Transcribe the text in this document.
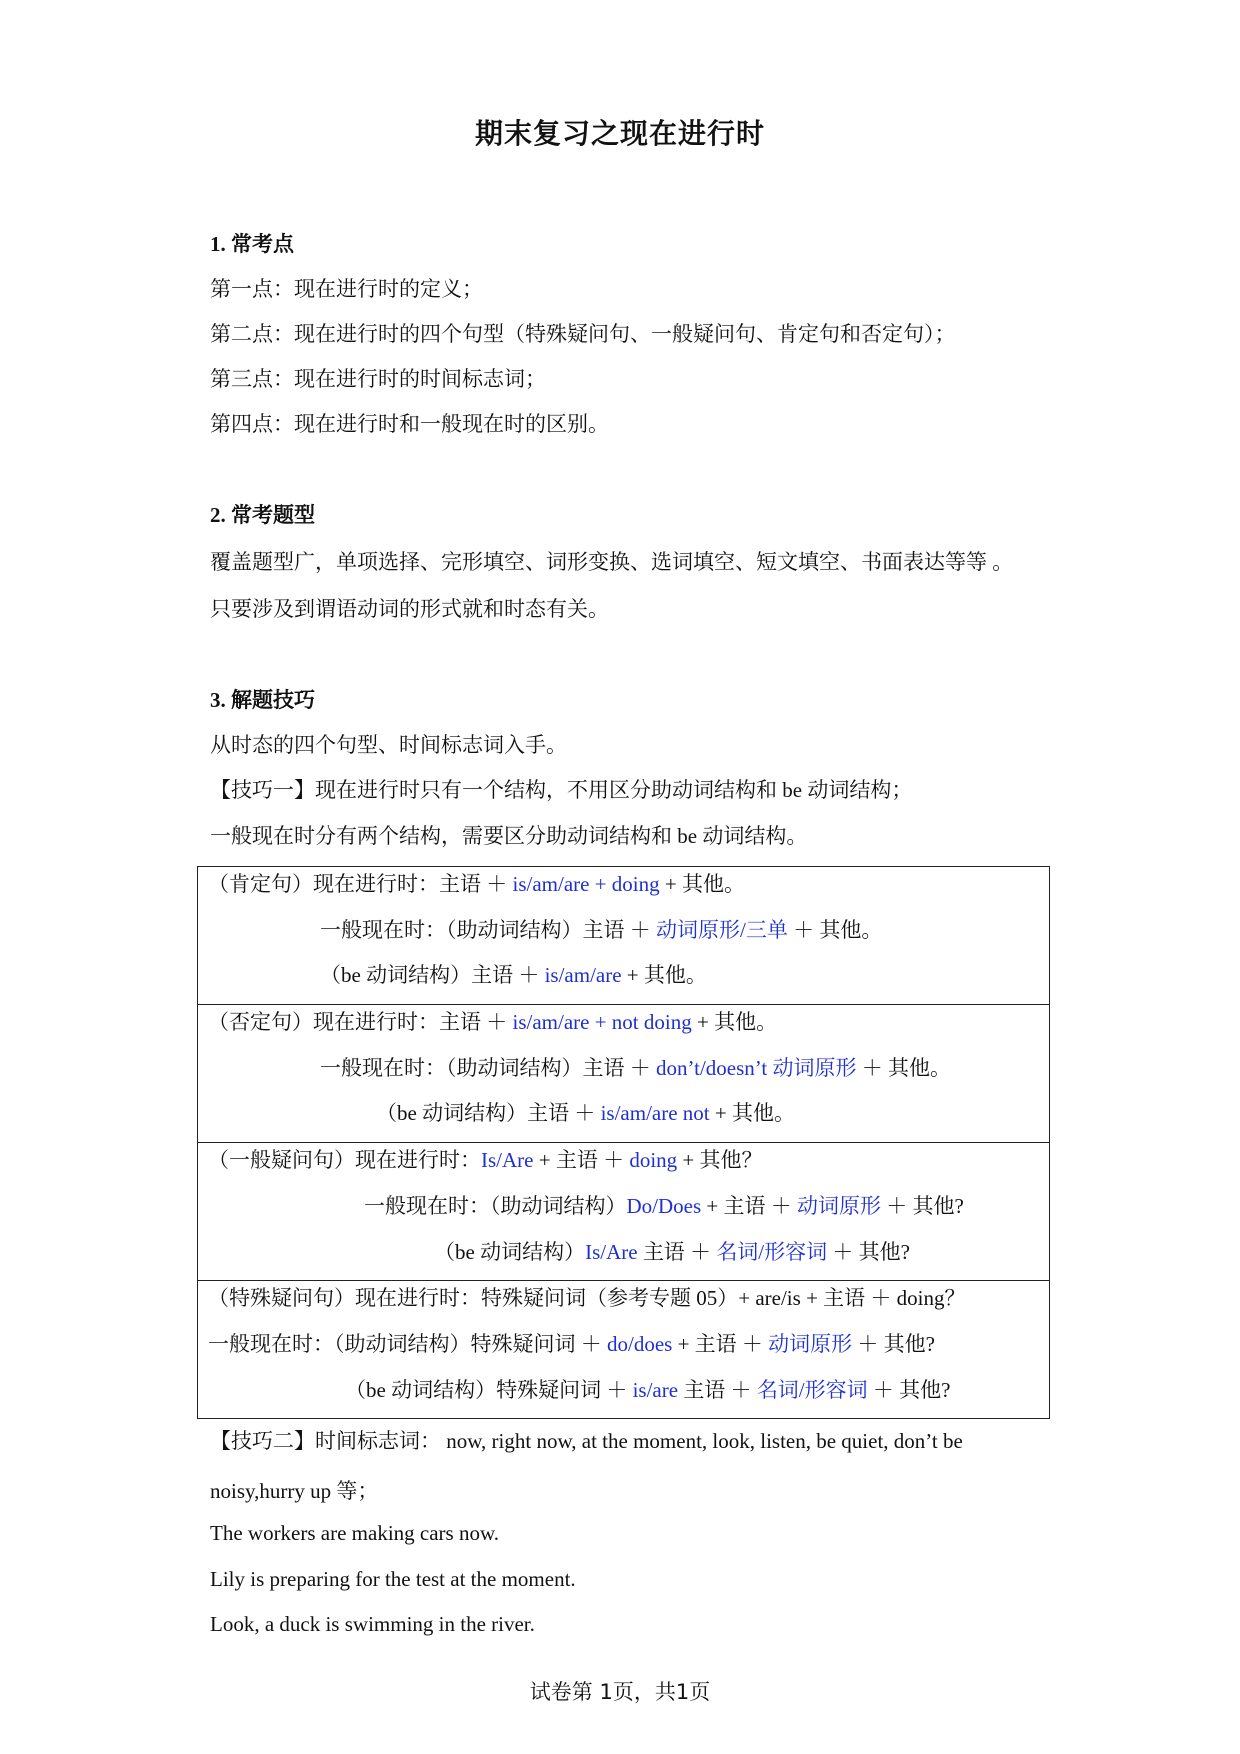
期末复习之现在进行时

1. 常考点

第一点：现在进行时的定义；

第二点：现在进行时的四个句型（特殊疑问句、一般疑问句、肯定句和否定句）；

第三点：现在进行时的时间标志词；

第四点：现在进行时和一般现在时的区别。

2. 常考题型

覆盖题型广，单项选择、完形填空、词形变换、选词填空、短文填空、书面表达等等 。

只要涉及到谓语动词的形式就和时态有关。

3. 解题技巧

从时态的四个句型、时间标志词入手。

【技巧一】现在进行时只有一个结构，不用区分助动词结构和 be 动词结构；

一般现在时分有两个结构，需要区分助动词结构和 be 动词结构。

（肯定句）现在进行时：主语 ＋ is/am/are + doing + 其他。
一般现在时：（助动词结构）主语 ＋ 动词原形/三单 ＋ 其他。
（be 动词结构）主语 ＋ is/am/are + 其他。

（否定句）现在进行时：主语 ＋ is/am/are + not doing + 其他。
一般现在时：（助动词结构）主语 ＋ don’t/doesn’t 动词原形 ＋ 其他。
（be 动词结构）主语 ＋ is/am/are not + 其他。

（一般疑问句）现在进行时：Is/Are + 主语 ＋ doing + 其他？
一般现在时：（助动词结构）Do/Does + 主语 ＋ 动词原形 ＋ 其他?
（be 动词结构）Is/Are 主语 ＋ 名词/形容词 ＋ 其他?

（特殊疑问句）现在进行时：特殊疑问词（参考专题 05）+ are/is + 主语 ＋ doing？
一般现在时：（助动词结构）特殊疑问词 ＋ do/does + 主语 ＋ 动词原形 ＋ 其他?
（be 动词结构）特殊疑问词 ＋ is/are 主语 ＋ 名词/形容词 ＋ 其他?

【技巧二】时间标志词： now, right now, at the moment, look, listen, be quiet, don’t be

noisy,hurry up 等；

The workers are making cars now.

Lily is preparing for the test at the moment.

Look, a duck is swimming in the river.

试卷第 1页，共1页
